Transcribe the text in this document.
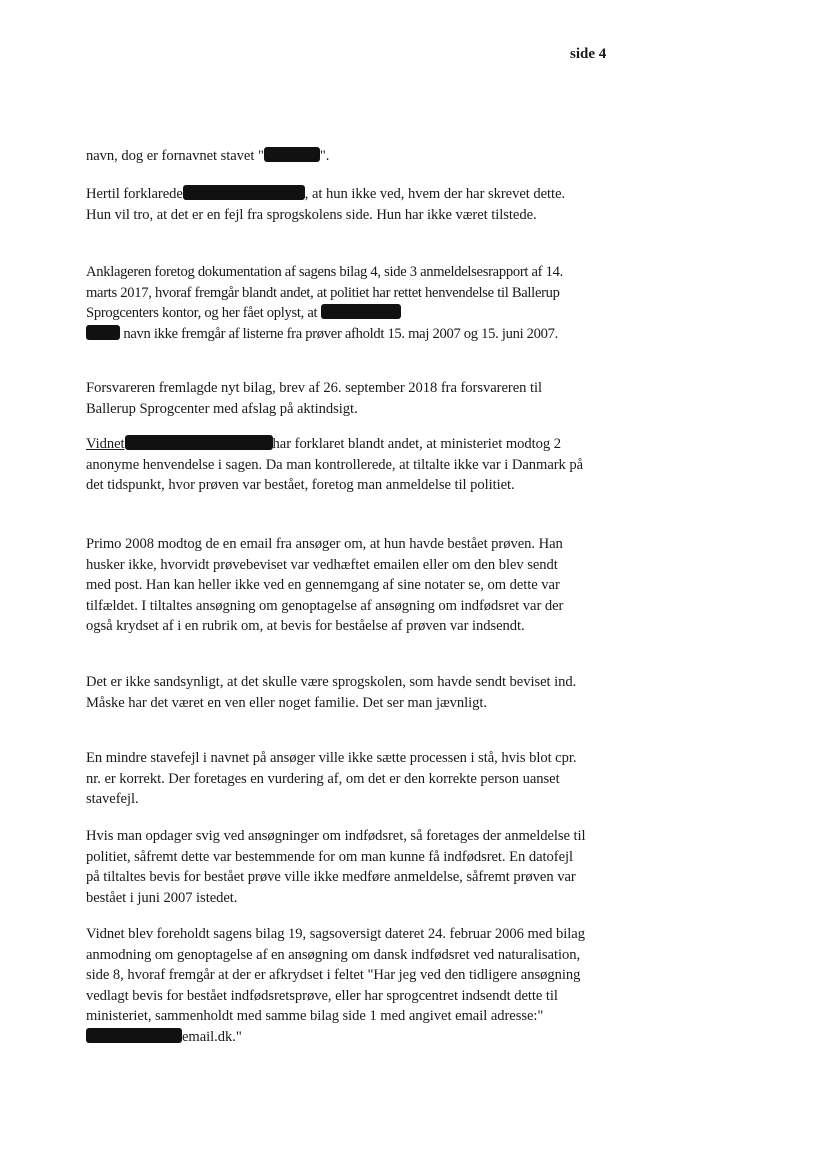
side 4

navn, dog er fornavnet stavet "	".

Hertil forklarede	, at hun ikke ved, hvem der har skrevet dette. Hun vil tro, at det er en fejl fra sprogskolens side. Hun har ikke været tilstede.

Anklageren foretog dokumentation af sagens bilag 4, side 3 anmeldelsesrapport af 14. marts 2017, hvoraf fremgår blandt andet, at politiet har rettet henvendelse til Ballerup Sprogcenters kontor, og her fået oplyst, at
navn ikke fremgår af listerne fra prøver afholdt 15. maj 2007 og 15. juni 2007.

Forsvareren fremlagde nyt bilag, brev af 26. september 2018 fra forsvareren til Ballerup Sprogcenter med afslag på aktindsigt.

Vidnet	har forklaret blandt andet, at ministeriet modtog 2 anonyme henvendelse i sagen. Da man kontrollerede, at tiltalte ikke var i Danmark på det tidspunkt, hvor prøven var bestået, foretog man anmeldelse til politiet.

Primo 2008 modtog de en email fra ansøger om, at hun havde bestået prøven. Han husker ikke, hvorvidt prøvebeviset var vedhæftet emailen eller om den blev sendt med post. Han kan heller ikke ved en gennemgang af sine notater se, om dette var tilfældet. I tiltaltes ansøgning om genoptagelse af ansøgning om indfødsret var der også krydset af i en rubrik om, at bevis for beståelse af prøven var indsendt.

Det er ikke sandsynligt, at det skulle være sprogskolen, som havde sendt beviset ind. Måske har det været en ven eller noget familie. Det ser man jævnligt.

En mindre stavefejl i navnet på ansøger ville ikke sætte processen i stå, hvis blot cpr. nr. er korrekt. Der foretages en vurdering af, om det er den korrekte person uanset stavefejl.

Hvis man opdager svig ved ansøgninger om indfødsret, så foretages der anmeldelse til politiet, såfremt dette var bestemmende for om man kunne få indfødsret. En datofejl på tiltaltes bevis for bestået prøve ville ikke medføre anmeldelse, såfremt prøven var bestået i juni 2007 istedet.

Vidnet blev foreholdt sagens bilag 19, sagsoversigt dateret 24. februar 2006 med bilag anmodning om genoptagelse af en ansøgning om dansk indfødsret ved naturalisation, side 8, hvoraf fremgår at der er afkrydset i feltet "Har jeg ved den tidligere ansøgning vedlagt bevis for bestået indfødsretsprøve, eller har sprogcentret indsendt dette til ministeriet, sammenholdt med samme bilag side 1 med angivet email adresse:"email.dk."
